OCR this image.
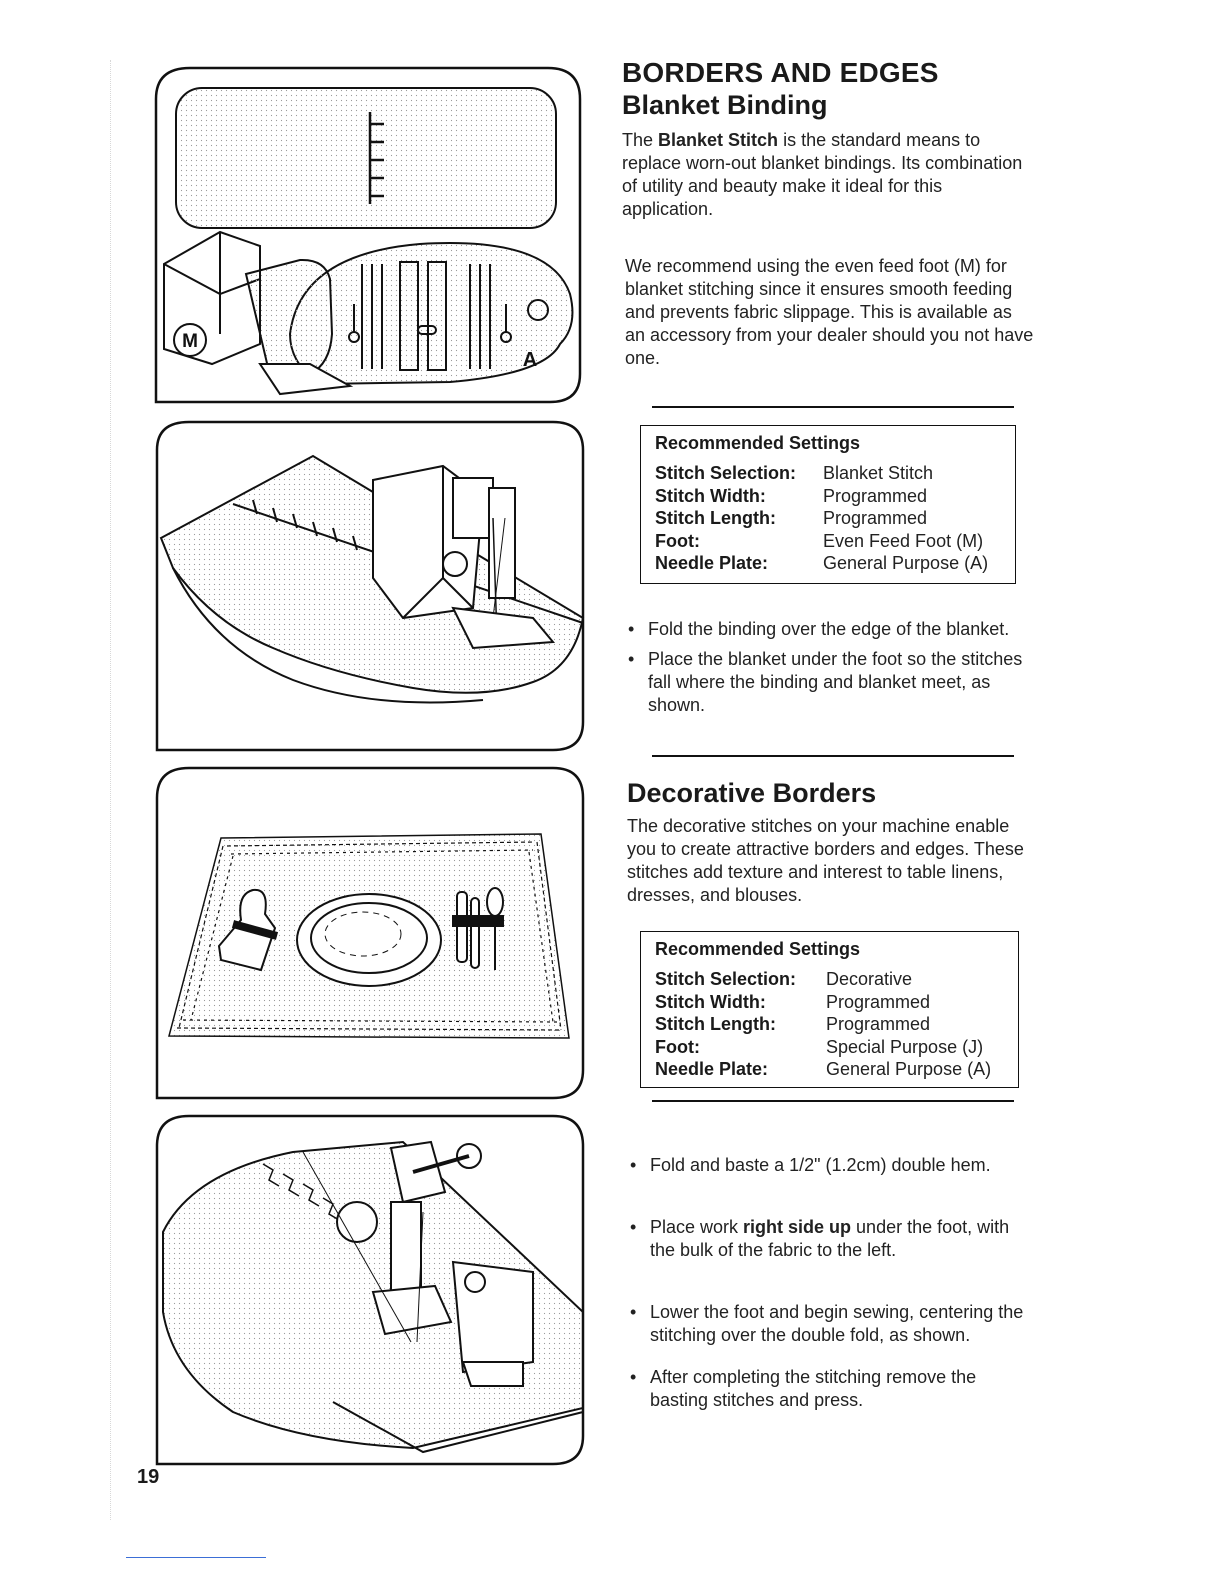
M
A
BORDERS AND EDGES
Blanket Binding

The Blanket Stitch is the standard means to replace worn-out blanket bindings. Its combination of utility and beauty make it ideal for this application.

We recommend using the even feed foot (M) for blanket stitching since it ensures smooth feeding and prevents fabric slippage. This is available as an accessory from your dealer should you not have one.

Recommended Settings
Stitch Selection:	Blanket Stitch
Stitch Width:	Programmed
Stitch Length:	Programmed
Foot:	Even Feed Foot (M)
Needle Plate:	General Purpose (A)
• Fold the binding over the edge of the blanket.
• Place the blanket under the foot so the stitches fall where the binding and blanket meet, as shown.
Decorative Borders

The decorative stitches on your machine enable you to create attractive borders and edges. These stitches add texture and interest to table linens, dresses, and blouses.

Recommended Settings
Stitch Selection:	Decorative
Stitch Width:	Programmed
Stitch Length:	Programmed
Foot:	Special Purpose (J)
Needle Plate:	General Purpose (A)
• Fold and baste a 1/2" (1.2cm) double hem.
• Place work right side up under the foot, with the bulk of the fabric to the left.
• Lower the foot and begin sewing, centering the stitching over the double fold, as shown.
• After completing the stitching remove the basting stitches and press.
19
